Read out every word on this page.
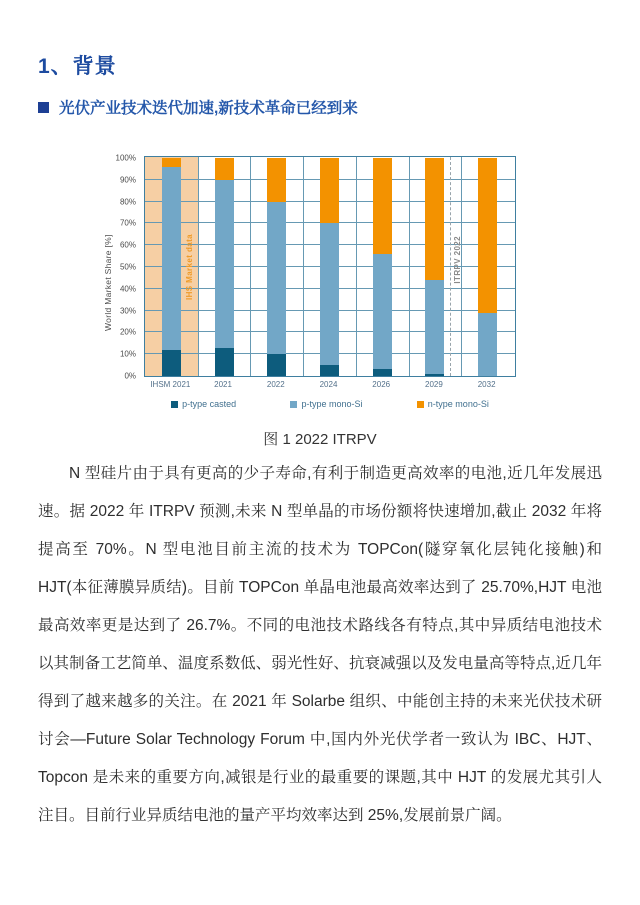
1、背景
光伏产业技术迭代加速,新技术革命已经到来
World Market Share [%]
0%
10%
20%
30%
40%
50%
60%
70%
80%
90%
100%
IHS Market data	ITRPV 2022
IHSM 2021	2021	2022	2024	2026	2029	2032
p-type casted	p-type mono-Si	n-type mono-Si
图 1 2022 ITRPV
N 型硅片由于具有更高的少子寿命,有利于制造更高效率的电池,近几年发展迅速。据 2022 年 ITRPV 预测,未来 N 型单晶的市场份额将快速增加,截止 2032 年将提高至 70%。N 型电池目前主流的技术为 TOPCon(隧穿氧化层钝化接触)和 HJT(本征薄膜异质结)。目前 TOPCon 单晶电池最高效率达到了 25.70%,HJT 电池最高效率更是达到了 26.7%。不同的电池技术路线各有特点,其中异质结电池技术以其制备工艺简单、温度系数低、弱光性好、抗衰减强以及发电量高等特点,近几年得到了越来越多的关注。在 2021 年 Solarbe 组织、中能创主持的未来光伏技术研讨会—Future Solar Technology Forum 中,国内外光伏学者一致认为 IBC、HJT、Topcon 是未来的重要方向,减银是行业的最重要的课题,其中 HJT 的发展尤其引人注目。目前行业异质结电池的量产平均效率达到 25%,发展前景广阔。
